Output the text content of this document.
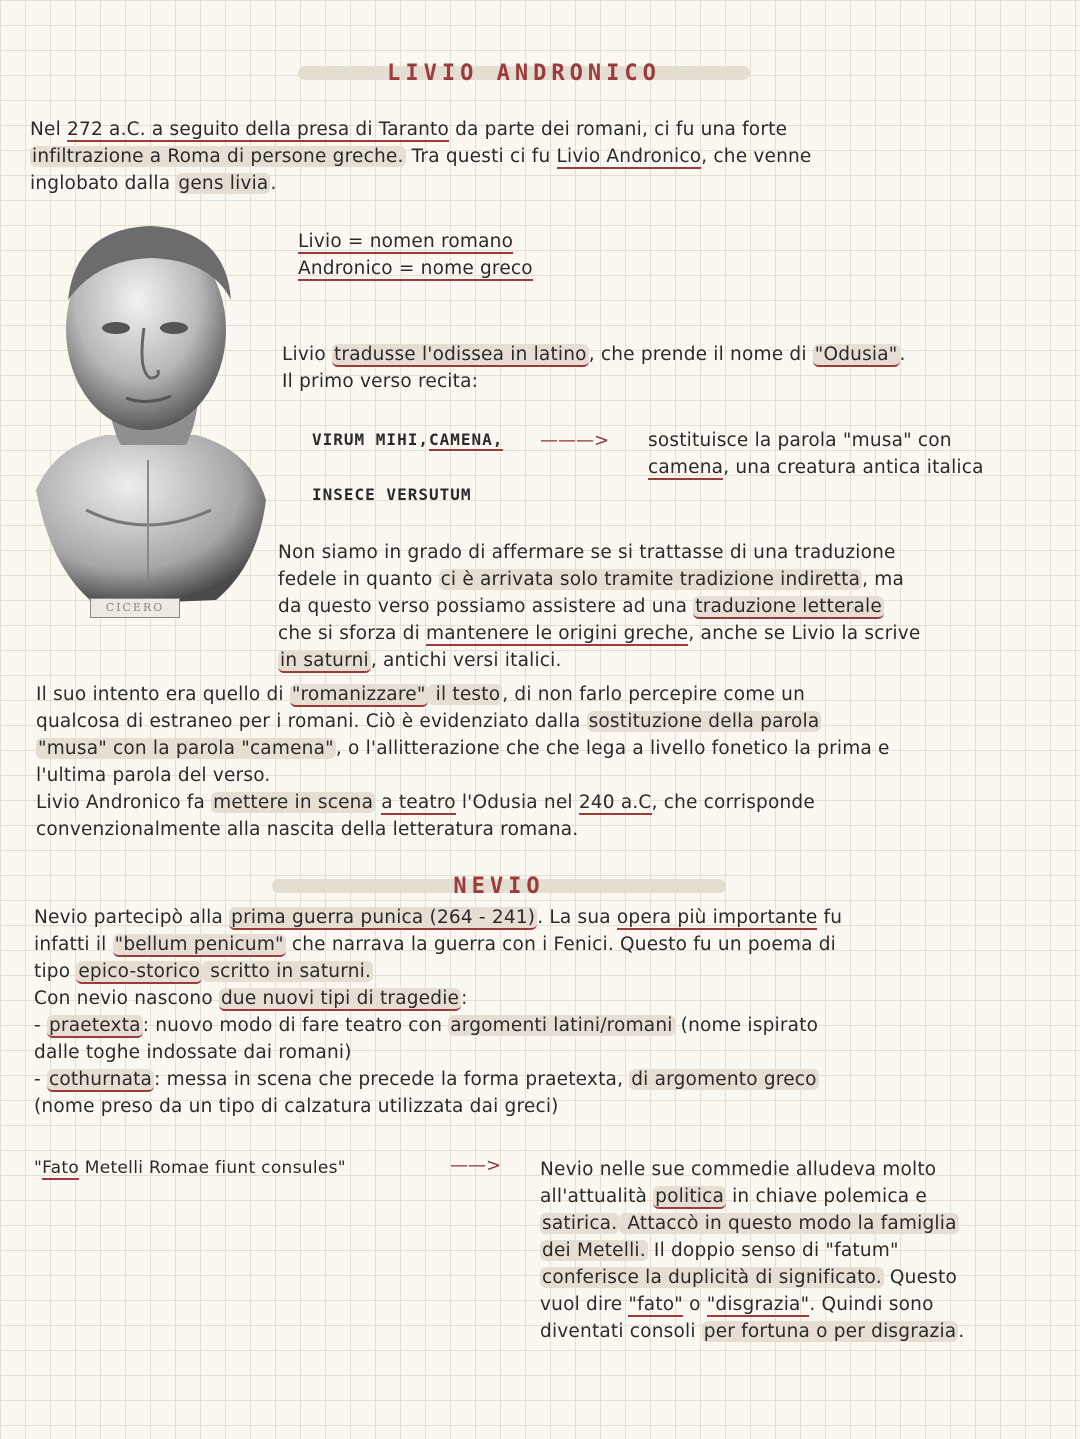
LIVIO ANDRONICO
Nel 272 a.C. a seguito della presa di Taranto da parte dei romani, ci fu una forte
infiltrazione a Roma di persone greche. Tra questi ci fu Livio Andronico, che venne
inglobato dalla gens livia .
CICERO
Livio = nomen romano
Andronico = nome greco
Livio tradusse l'odissea in latino , che prende il nome di "Odusia" .
Il primo verso recita:
VIRUM MIHI,CAMENA, ———>
INSECE VERSUTUM
sostituisce la parola "musa" con
camena, una creatura antica italica
Non siamo in grado di affermare se si trattasse di una traduzione
fedele in quanto ci è arrivata solo tramite tradizione indiretta , ma
da questo verso possiamo assistere ad una traduzione letterale
che si sforza di mantenere le origini greche, anche se Livio la scrive
in saturni , antichi versi italici.
Il suo intento era quello di "romanizzare" il testo , di non farlo percepire come un
qualcosa di estraneo per i romani. Ciò è evidenziato dalla sostituzione della parola
"musa" con la parola "camena" , o l'allitterazione che che lega a livello fonetico la prima e
l'ultima parola del verso.
Livio Andronico fa mettere in scena a teatro l'Odusia nel 240 a.C, che corrisponde
convenzionalmente alla nascita della letteratura romana.
NEVIO
Nevio partecipò alla prima guerra punica (264 - 241) . La sua opera più importante fu
infatti il "bellum penicum" che narrava la guerra con i Fenici. Questo fu un poema di
tipo epico-storico scritto in saturni.
Con nevio nascono due nuovi tipi di tragedie :
- praetexta : nuovo modo di fare teatro con argomenti latini/romani (nome ispirato
dalle toghe indossate dai romani)
- cothurnata : messa in scena che precede la forma praetexta, di argomento greco
(nome preso da un tipo di calzatura utilizzata dai greci)
"Fato Metelli Romae fiunt consules"	——> Nevio nelle sue commedie alludeva molto
all'attualità politica in chiave polemica e
satirica. Attaccò in questo modo la famiglia
dei Metelli. Il doppio senso di "fatum"
conferisce la duplicità di significato. Questo
vuol dire "fato" o "disgrazia". Quindi sono
diventati consoli per fortuna o per disgrazia .
